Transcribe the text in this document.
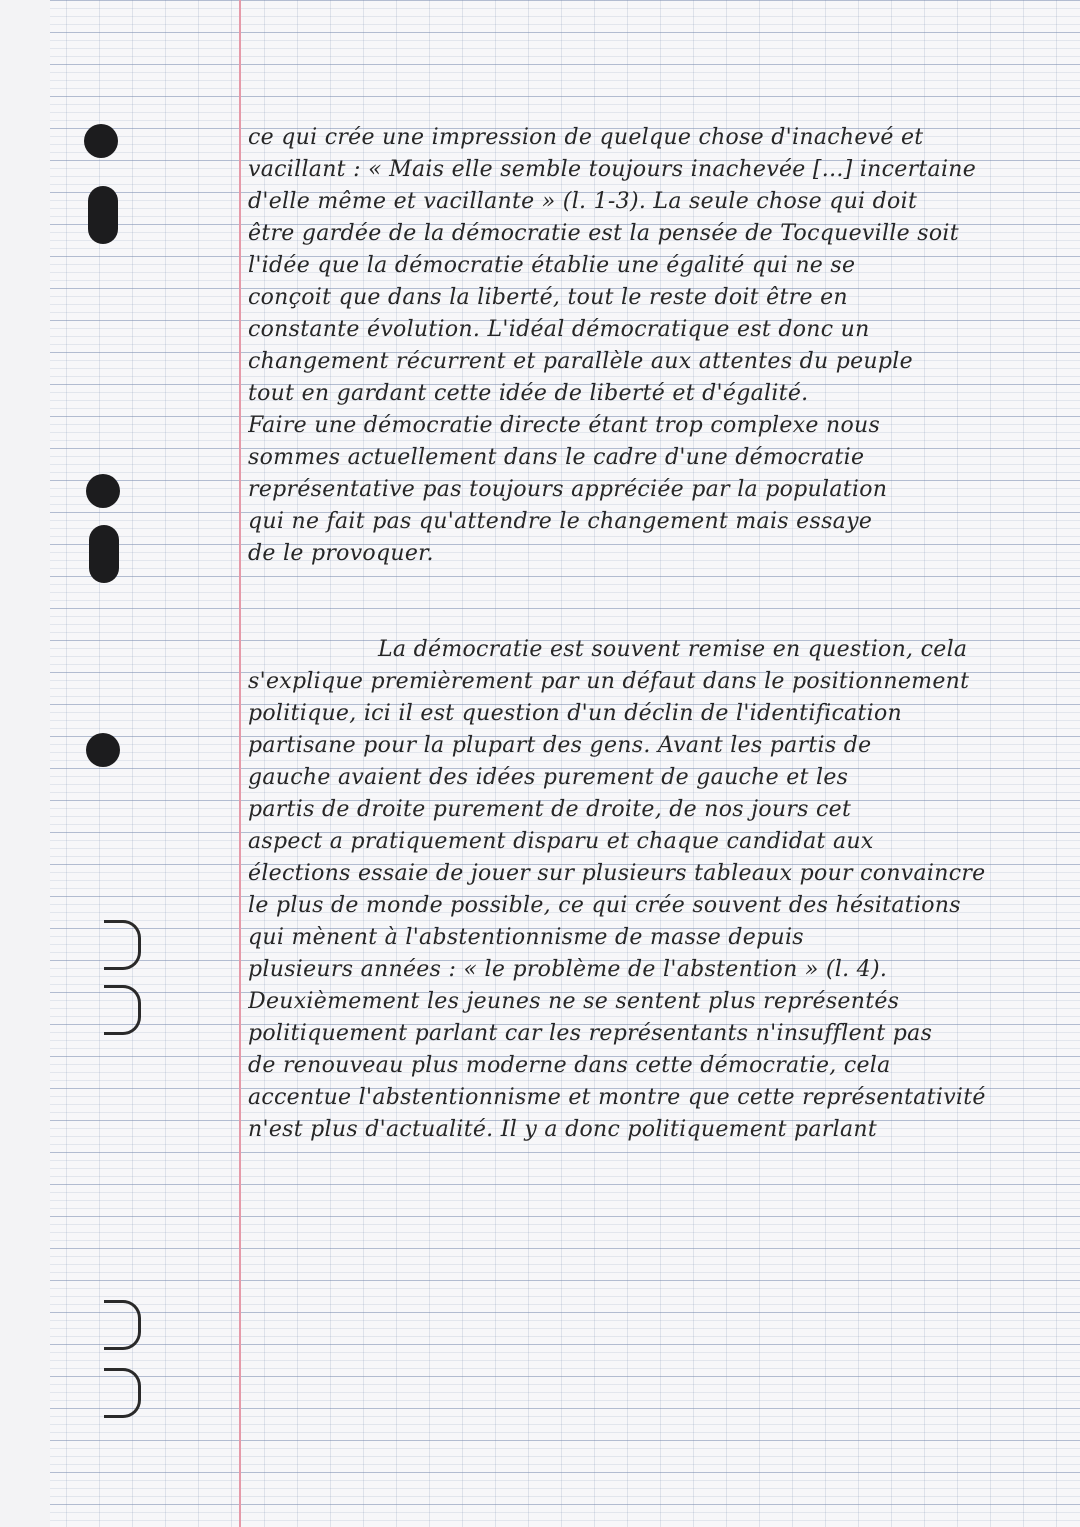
ce qui crée une impression de quelque chose d'inachevé et
vacillant : « Mais elle semble toujours inachevée [...] incertaine
d'elle même et vacillante » (l. 1-3). La seule chose qui doit
être gardée de la démocratie est la pensée de Tocqueville soit
l'idée que la démocratie établie une égalité qui ne se
conçoit que dans la liberté, tout le reste doit être en
constante évolution. L'idéal démocratique est donc un
changement récurrent et parallèle aux attentes du peuple
tout en gardant cette idée de liberté et d'égalité.
Faire une démocratie directe étant trop complexe nous
sommes actuellement dans le cadre d'une démocratie
représentative pas toujours appréciée par la population
qui ne fait pas qu'attendre le changement mais essaye
de le provoquer.
La démocratie est souvent remise en question, cela
s'explique premièrement par un défaut dans le positionnement
politique, ici il est question d'un déclin de l'identification
partisane pour la plupart des gens. Avant les partis de
gauche avaient des idées purement de gauche et les
partis de droite purement de droite, de nos jours cet
aspect a pratiquement disparu et chaque candidat aux
élections essaie de jouer sur plusieurs tableaux pour convaincre
le plus de monde possible, ce qui crée souvent des hésitations
qui mènent à l'abstentionnisme de masse depuis
plusieurs années : « le problème de l'abstention » (l. 4).
Deuxièmement les jeunes ne se sentent plus représentés
politiquement parlant car les représentants n'insufflent pas
de renouveau plus moderne dans cette démocratie, cela
accentue l'abstentionnisme et montre que cette représentativité
n'est plus d'actualité. Il y a donc politiquement parlant
